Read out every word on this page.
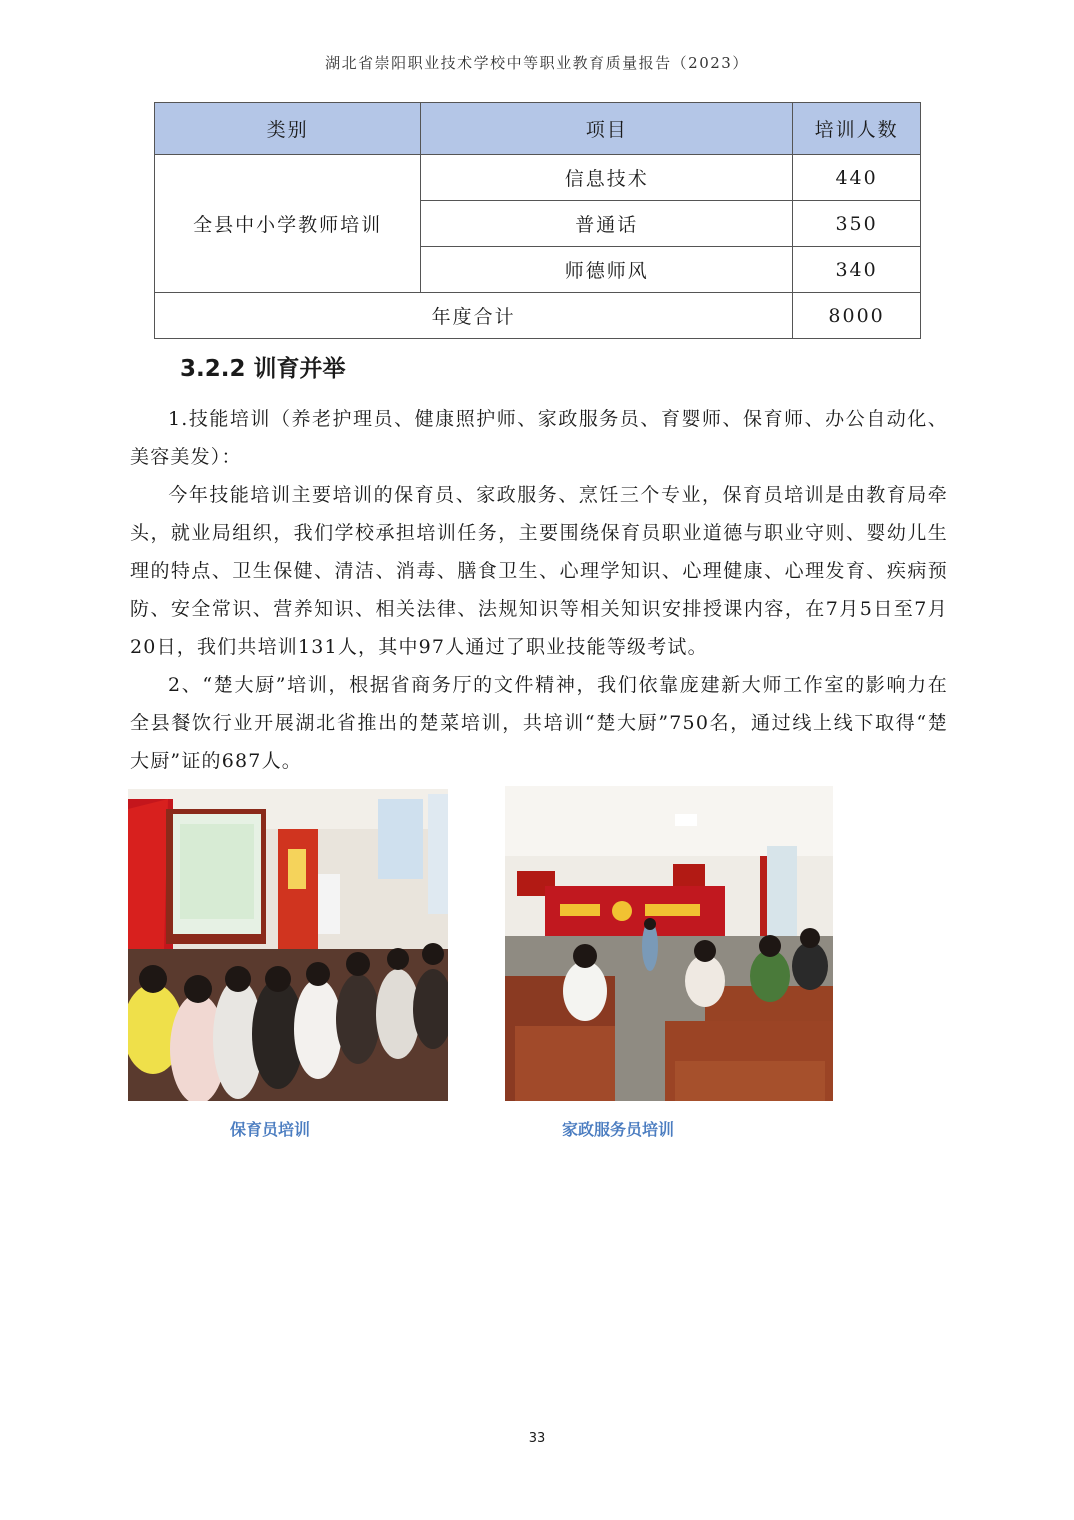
湖北省崇阳职业技术学校中等职业教育质量报告（2023）
类别	项目	培训人数
全县中小学教师培训	信息技术	440
	普通话	350
	师德师风	340
年度合计		8000
3.2.2 训育并举

1.技能培训（养老护理员、健康照护师、家政服务员、育婴师、保育师、办公自动化、美容美发）：

今年技能培训主要培训的保育员、家政服务、烹饪三个专业，保育员培训是由教育局牵头，就业局组织，我们学校承担培训任务，主要围绕保育员职业道德与职业守则、婴幼儿生理的特点、卫生保健、清洁、消毒、膳食卫生、心理学知识、心理健康、心理发育、疾病预防、安全常识、营养知识、相关法律、法规知识等相关知识安排授课内容，在7月5日至7月20日，我们共培训131人，其中97人通过了职业技能等级考试。

2、“楚大厨”培训，根据省商务厅的文件精神，我们依靠庞建新大师工作室的影响力在全县餐饮行业开展湖北省推出的楚菜培训，共培训“楚大厨”750名，通过线上线下取得“楚大厨”证的687人。

保育员培训	家政服务员培训
33
